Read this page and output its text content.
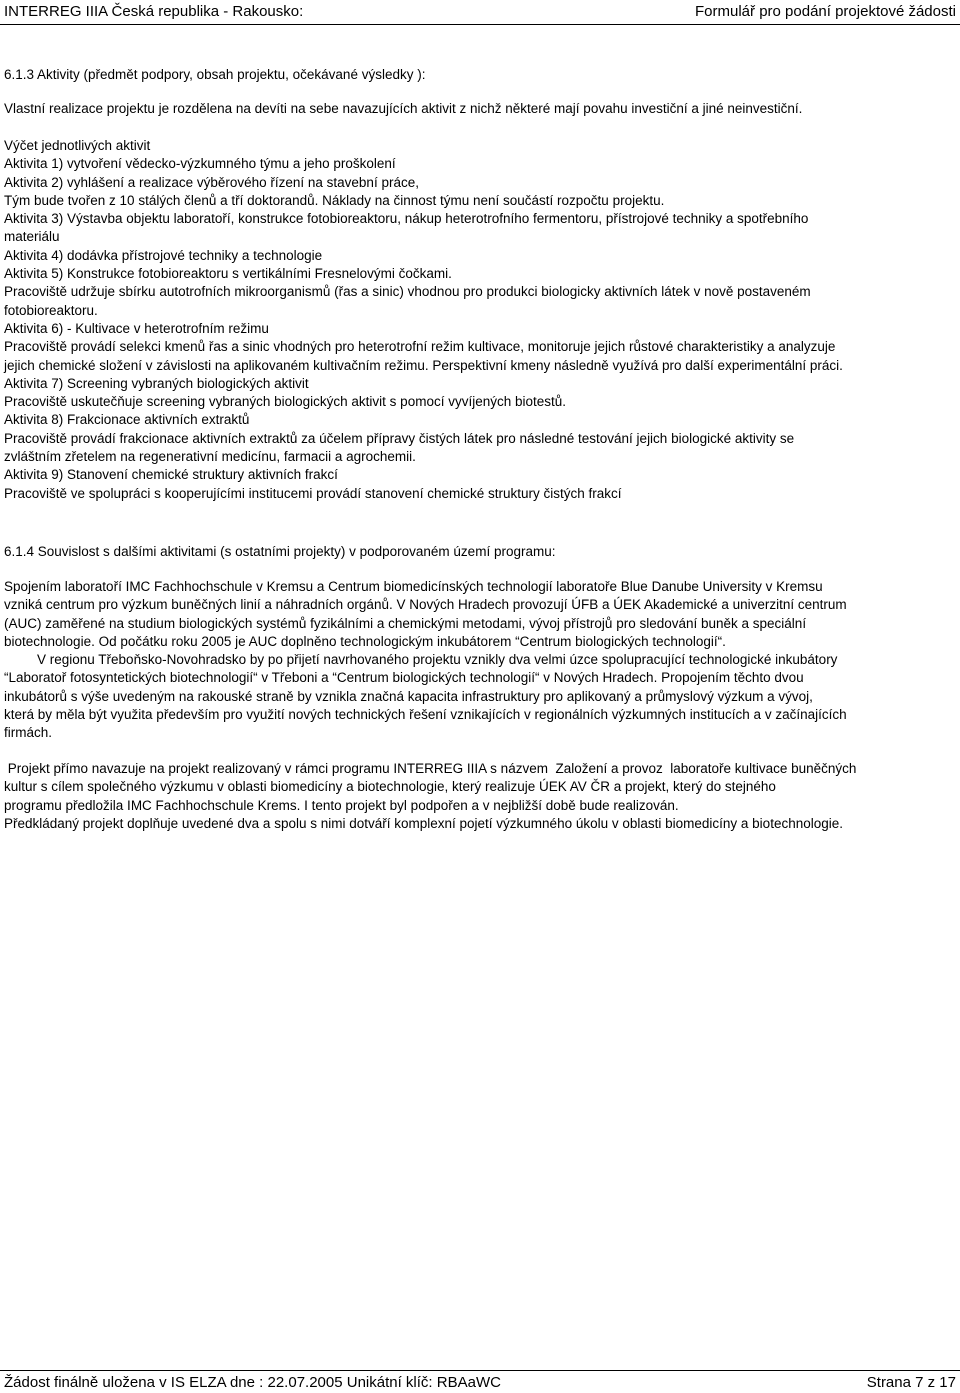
INTERREG IIIA Česká republika - Rakousko:	Formulář pro podání projektové žádosti
6.1.3 Aktivity (předmět podpory, obsah projektu, očekávané výsledky ):
Vlastní realizace projektu je rozdělena na devíti na sebe navazujících aktivit z nichž některé mají povahu investiční a jiné neinvestiční.
Výčet jednotlivých aktivit
Aktivita 1) vytvoření vědecko-výzkumného týmu a jeho proškolení
Aktivita 2) vyhlášení a realizace výběrového řízení na stavební práce,
Tým bude tvořen z 10 stálých členů a tří doktorandů. Náklady na činnost týmu není součástí rozpočtu projektu.
Aktivita 3) Výstavba objektu laboratoří, konstrukce fotobioreaktoru, nákup heterotrofního fermentoru, přístrojové techniky a spotřebního
materiálu
Aktivita 4) dodávka přístrojové techniky a technologie
Aktivita 5) Konstrukce fotobioreaktoru s vertikálními Fresnelovými čočkami.
Pracoviště udržuje sbírku autotrofních mikroorganismů (řas a sinic) vhodnou pro produkci biologicky aktivních látek v nově postaveném
fotobioreaktoru.
Aktivita 6) - Kultivace v heterotrofním režimu
Pracoviště provádí selekci kmenů řas a sinic vhodných pro heterotrofní režim kultivace, monitoruje jejich růstové charakteristiky a analyzuje
jejich chemické složení v závislosti na aplikovaném kultivačním režimu. Perspektivní kmeny následně využívá pro další experimentální práci.
Aktivita 7) Screening vybraných biologických aktivit
Pracoviště uskutečňuje screening vybraných biologických aktivit s pomocí vyvíjených biotestů.
Aktivita 8) Frakcionace aktivních extraktů
Pracoviště provádí frakcionace aktivních extraktů za účelem přípravy čistých látek pro následné testování jejich biologické aktivity se
zvláštním zřetelem na regenerativní medicínu, farmacii a agrochemii.
Aktivita 9) Stanovení chemické struktury aktivních frakcí
Pracoviště ve spolupráci s kooperujícími institucemi provádí stanovení chemické struktury čistých frakcí
6.1.4 Souvislost s dalšími aktivitami (s ostatními projekty) v podporovaném území programu:
Spojením laboratoří IMC Fachhochschule v Kremsu a Centrum biomedicínských technologií laboratoře Blue Danube University v Kremsu
vzniká centrum pro výzkum buněčných linií a náhradních orgánů. V Nových Hradech provozují ÚFB a ÚEK Akademické a univerzitní centrum
(AUC) zaměřené na studium biologických systémů fyzikálními a chemickými metodami, vývoj přístrojů pro sledování buněk a speciální
biotechnologie. Od počátku roku 2005 je AUC doplněno technologickým inkubátorem “Centrum biologických technologií“.
V regionu Třeboňsko-Novohradsko by po přijetí navrhovaného projektu vznikly dva velmi úzce spolupracující technologické inkubátory
“Laboratoř fotosyntetických biotechnologií“ v Třeboni a “Centrum biologických technologií“ v Nových Hradech. Propojením těchto dvou
inkubátorů s výše uvedeným na rakouské straně by vznikla značná kapacita infrastruktury pro aplikovaný a průmyslový výzkum a vývoj,
která by měla být využita především pro využití nových technických řešení vznikajících v regionálních výzkumných institucích a v začínajících
firmách.
Projekt přímo navazuje na projekt realizovaný v rámci programu INTERREG IIIA s názvem  Založení a provoz  laboratoře kultivace buněčných
kultur s cílem společného výzkumu v oblasti biomedicíny a biotechnologie, který realizuje ÚEK AV ČR a projekt, který do stejného
programu předložila IMC Fachhochschule Krems. I tento projekt byl podpořen a v nejbližší době bude realizován.
Předkládaný projekt doplňuje uvedené dva a spolu s nimi dotváří komplexní pojetí výzkumného úkolu v oblasti biomedicíny a biotechnologie.
Žádost finálně uložena v IS ELZA dne : 22.07.2005 Unikátní klíč: RBAaWC	Strana 7 z 17
